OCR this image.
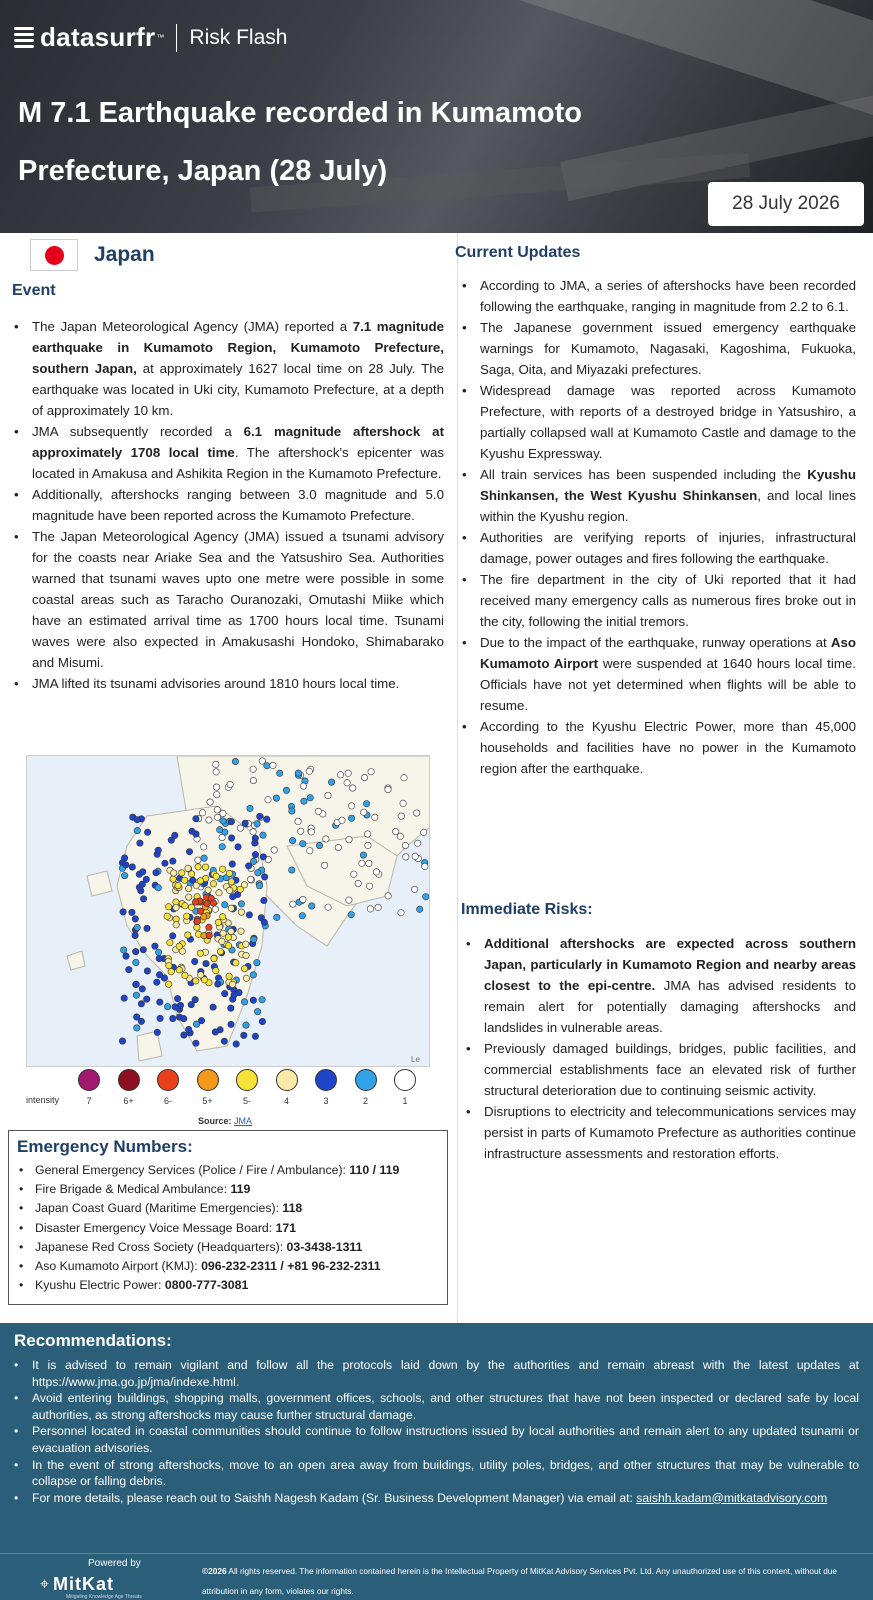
datasurfr ™ Risk Flash
M 7.1 Earthquake recorded in Kumamoto Prefecture, Japan (28 July)
28 July 2026
Japan
Event
• The Japan Meteorological Agency (JMA) reported a 7.1 magnitude earthquake in Kumamoto Region, Kumamoto Prefecture, southern Japan, at approximately 1627 local time on 28 July. The earthquake was located in Uki city, Kumamoto Prefecture, at a depth of approximately 10 km.
• JMA subsequently recorded a 6.1 magnitude aftershock at approximately 1708 local time. The aftershock's epicenter was located in Amakusa and Ashikita Region in the Kumamoto Prefecture.
• Additionally, aftershocks ranging between 3.0 magnitude and 5.0 magnitude have been reported across the Kumamoto Prefecture.
• The Japan Meteorological Agency (JMA) issued a tsunami advisory for the coasts near Ariake Sea and the Yatsushiro Sea. Authorities warned that tsunami waves upto one metre were possible in some coastal areas such as Taracho Ouranozaki, Omutashi Miike which have an estimated arrival time as 1700 hours local time. Tsunami waves were also expected in Amakusashi Hondoko, Shimabarako and Misumi.
• JMA lifted its tsunami advisories around 1810 hours local time.
Le
intensity	7	6+	6-	5+	5-	4	3	2	1
Source: JMA
Emergency Numbers:
• General Emergency Services (Police / Fire / Ambulance): 110 / 119
• Fire Brigade & Medical Ambulance: 119
• Japan Coast Guard (Maritime Emergencies): 118
• Disaster Emergency Voice Message Board: 171
• Japanese Red Cross Society (Headquarters): 03-3438-1311
• Aso Kumamoto Airport (KMJ): 096-232-2311 / +81 96-232-2311
• Kyushu Electric Power: 0800-777-3081
Current Updates
• According to JMA, a series of aftershocks have been recorded following the earthquake, ranging in magnitude from 2.2 to 6.1.
• The Japanese government issued emergency earthquake warnings for Kumamoto, Nagasaki, Kagoshima, Fukuoka, Saga, Oita, and Miyazaki prefectures.
• Widespread damage was reported across Kumamoto Prefecture, with reports of a destroyed bridge in Yatsushiro, a partially collapsed wall at Kumamoto Castle and damage to the Kyushu Expressway.
• All train services has been suspended including the Kyushu Shinkansen, the West Kyushu Shinkansen, and local lines within the Kyushu region.
• Authorities are verifying reports of injuries, infrastructural damage, power outages and fires following the earthquake.
• The fire department in the city of Uki reported that it had received many emergency calls as numerous fires broke out in the city, following the initial tremors.
• Due to the impact of the earthquake, runway operations at Aso Kumamoto Airport were suspended at 1640 hours local time. Officials have not yet determined when flights will be able to resume.
• According to the Kyushu Electric Power, more than 45,000 households and facilities have no power in the Kumamoto region after the earthquake.
Immediate Risks:
• Additional aftershocks are expected across southern Japan, particularly in Kumamoto Region and nearby areas closest to the epi-centre. JMA has advised residents to remain alert for potentially damaging aftershocks and landslides in vulnerable areas.
• Previously damaged buildings, bridges, public facilities, and commercial establishments face an elevated risk of further structural deterioration due to continuing seismic activity.
• Disruptions to electricity and telecommunications services may persist in parts of Kumamoto Prefecture as authorities continue infrastructure assessments and restoration efforts.
Recommendations:
• It is advised to remain vigilant and follow all the protocols laid down by the authorities and remain abreast with the latest updates at https://www.jma.go.jp/jma/indexe.html.
• Avoid entering buildings, shopping malls, government offices, schools, and other structures that have not been inspected or declared safe by local authorities, as strong aftershocks may cause further structural damage.
• Personnel located in coastal communities should continue to follow instructions issued by local authorities and remain alert to any updated tsunami or evacuation advisories.
• In the event of strong aftershocks, move to an open area away from buildings, utility poles, bridges, and other structures that may be vulnerable to collapse or falling debris.
• For more details, please reach out to Saishh Nagesh Kadam (Sr. Business Development Manager) via email at: saishh.kadam@mitkatadvisory.com
Powered by
⌖ MitKat
Mitigating Knowledge Age Threats
©2026 All rights reserved. The information contained herein is the Intellectual Property of MitKat Advisory Services Pvt. Ltd. Any unauthorized use of this content, without due attribution in any form, violates our rights.
